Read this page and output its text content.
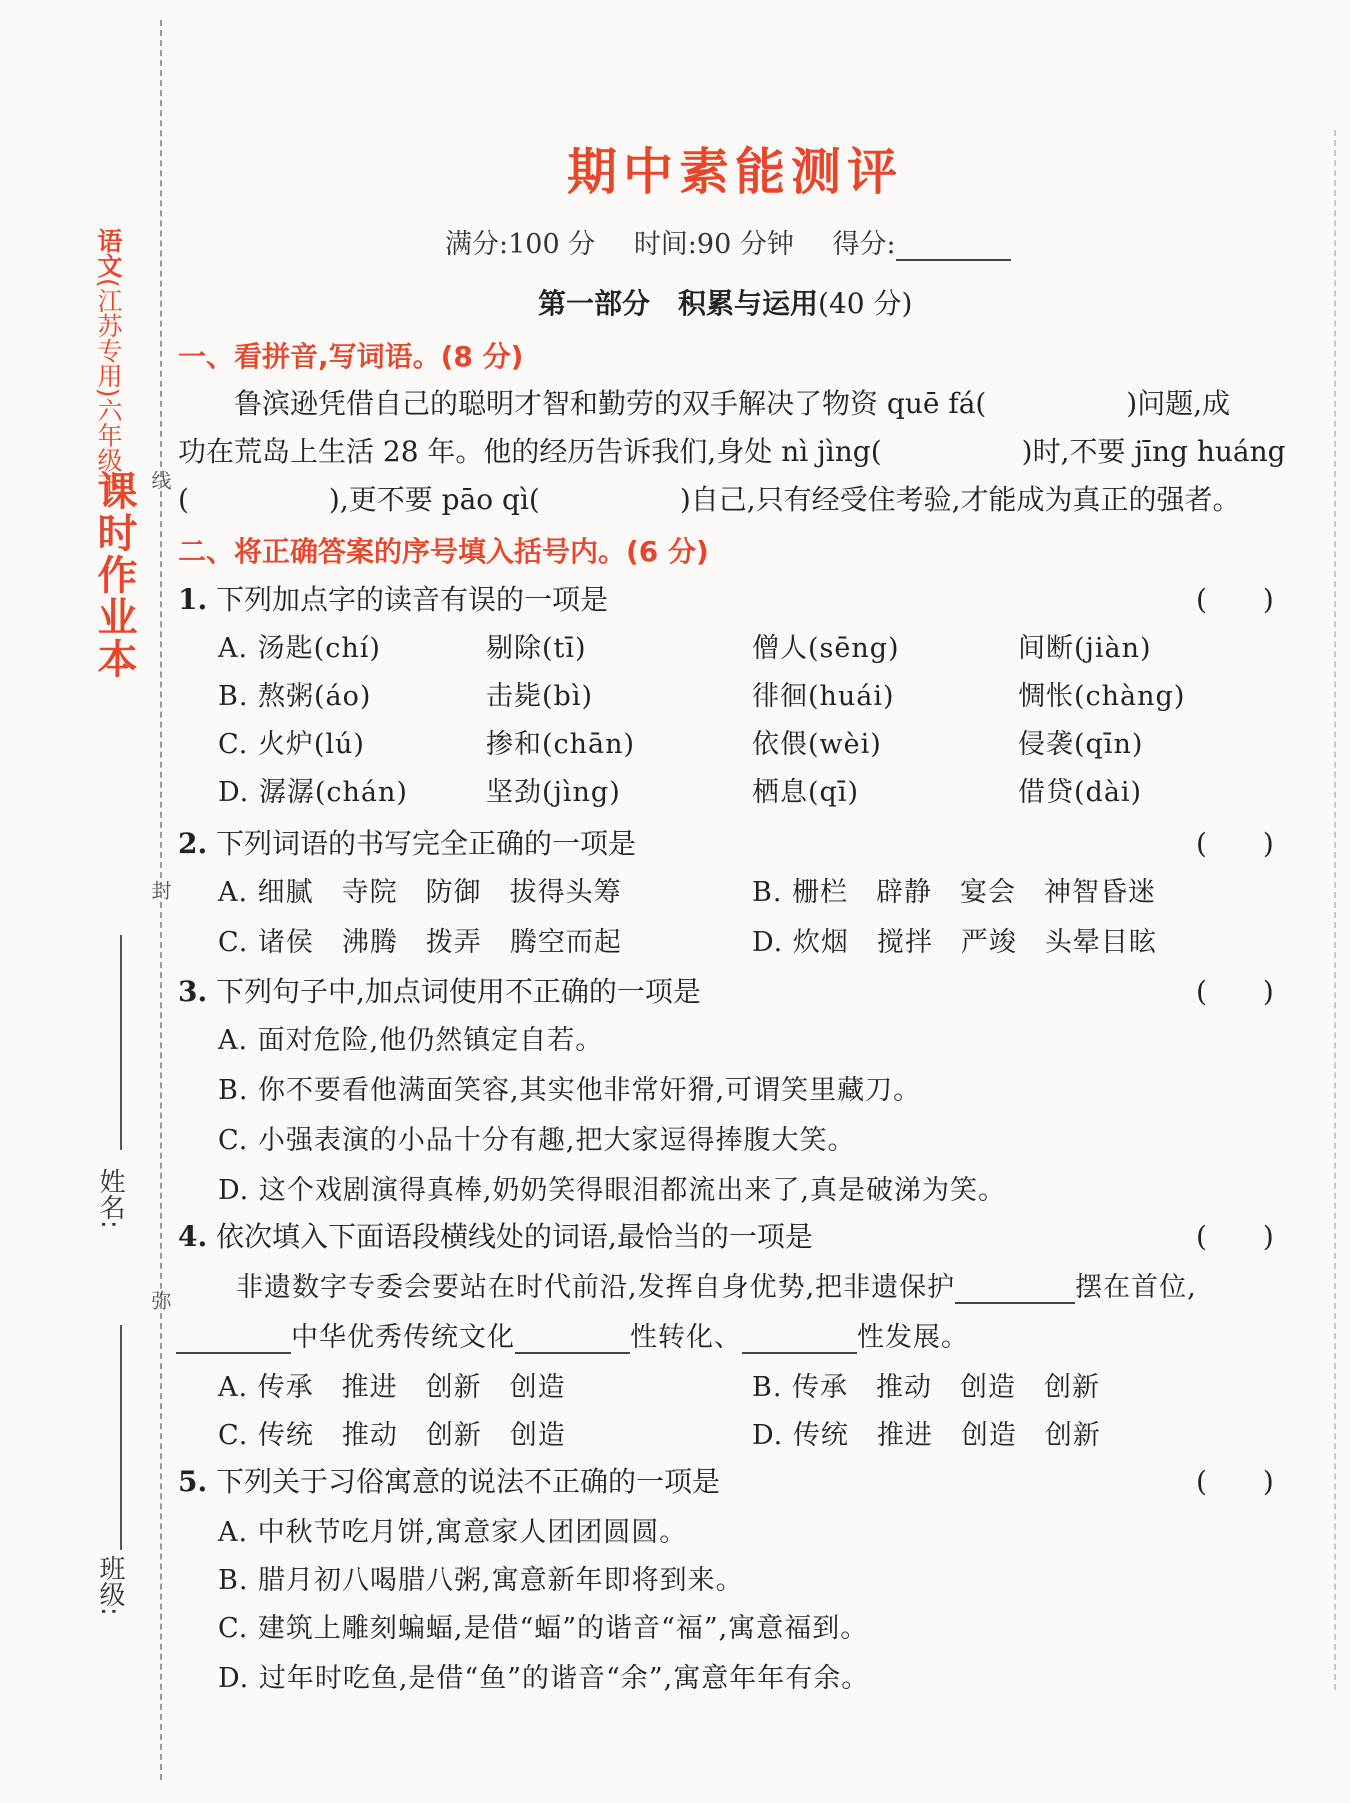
语文(江苏专用)六年级下
课时作业本 线
封
弥
姓名:
班级:
期中素能测评
满分:100 分 时间:90 分钟 得分:
第一部分　积累与运用(40 分)
一、看拼音,写词语。(8 分)
鲁滨逊凭借自己的聪明才智和勤劳的双手解决了物资 quē fá(　　　　　)问题,成
功在荒岛上生活 28 年。他的经历告诉我们,身处 nì jìng(　　　　　)时,不要 jīng huáng
(　　　　　),更不要 pāo qì(　　　　　)自己,只有经受住考验,才能成为真正的强者。
二、将正确答案的序号填入括号内。(6 分)
1. 下列加点字的读音有误的一项是	(　　)
A. 汤匙(chí)	剔除(tī)	僧人(sēng)	间断(jiàn)
B. 熬粥(áo)	击毙(bì)	徘徊(huái)	惆怅(chàng)
C. 火炉(lú)	掺和(chān)	依偎(wèi)	侵袭(qīn)
D. 潺潺(chán)	坚劲(jìng)	栖息(qī)	借贷(dài)
2. 下列词语的书写完全正确的一项是	(　　)
A. 细腻　寺院　防御　拔得头筹	B. 栅栏　辟静　宴会　神智昏迷
C. 诸侯　沸腾　拨弄　腾空而起	D. 炊烟　搅拌　严竣　头晕目眩
3. 下列句子中,加点词使用不正确的一项是	(　　)
A. 面对危险,他仍然镇定自若。
B. 你不要看他满面笑容,其实他非常奸猾,可谓笑里藏刀。
C. 小强表演的小品十分有趣,把大家逗得捧腹大笑。
D. 这个戏剧演得真棒,奶奶笑得眼泪都流出来了,真是破涕为笑。
4. 依次填入下面语段横线处的词语,最恰当的一项是	(　　)
非遗数字专委会要站在时代前沿,发挥自身优势,把非遗保护	摆在首位,
中华优秀传统文化	性转化、	性发展。
A. 传承　推进　创新　创造	B. 传承　推动　创造　创新
C. 传统　推动　创新　创造	D. 传统　推进　创造　创新
5. 下列关于习俗寓意的说法不正确的一项是	(　　)
A. 中秋节吃月饼,寓意家人团团圆圆。
B. 腊月初八喝腊八粥,寓意新年即将到来。
C. 建筑上雕刻蝙蝠,是借“蝠”的谐音“福”,寓意福到。
D. 过年时吃鱼,是借“鱼”的谐音“余”,寓意年年有余。
